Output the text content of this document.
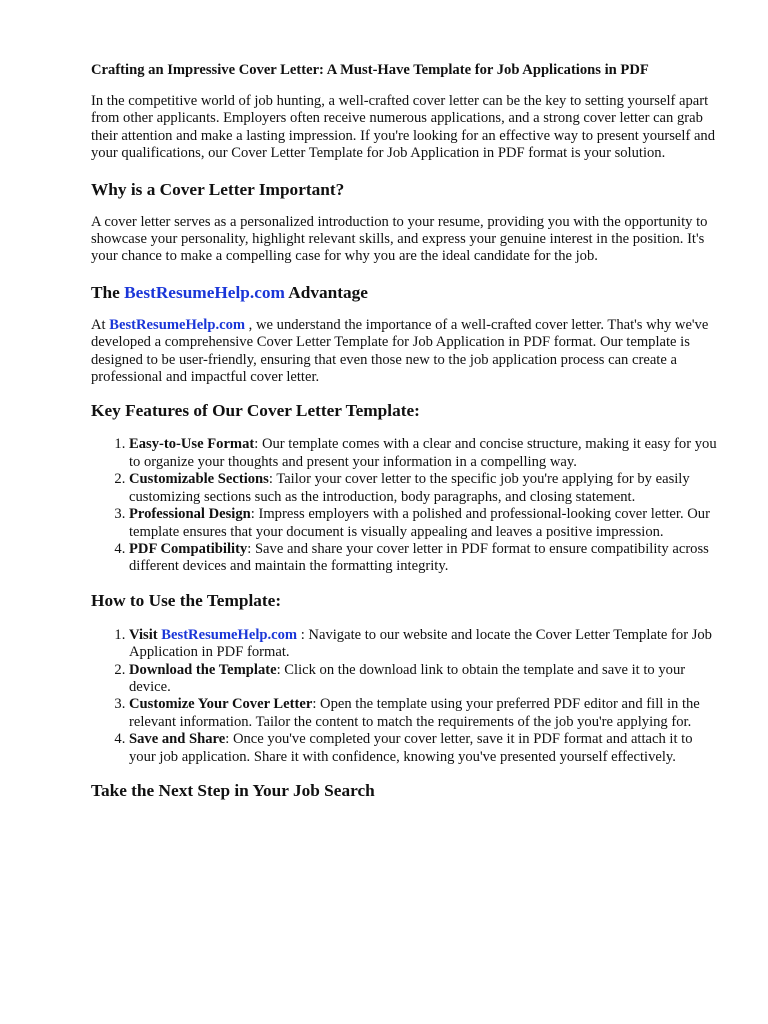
Crafting an Impressive Cover Letter: A Must-Have Template for Job Applications in PDF

In the competitive world of job hunting, a well-crafted cover letter can be the key to setting yourself apart from other applicants. Employers often receive numerous applications, and a strong cover letter can grab their attention and make a lasting impression. If you're looking for an effective way to present yourself and your qualifications, our Cover Letter Template for Job Application in PDF format is your solution.

Why is a Cover Letter Important?

A cover letter serves as a personalized introduction to your resume, providing you with the opportunity to showcase your personality, highlight relevant skills, and express your genuine interest in the position. It's your chance to make a compelling case for why you are the ideal candidate for the job.

The BestResumeHelp.com Advantage

At BestResumeHelp.com , we understand the importance of a well-crafted cover letter. That's why we've developed a comprehensive Cover Letter Template for Job Application in PDF format. Our template is designed to be user-friendly, ensuring that even those new to the job application process can create a professional and impactful cover letter.

Key Features of Our Cover Letter Template:
1. Easy-to-Use Format: Our template comes with a clear and concise structure, making it easy for you to organize your thoughts and present your information in a compelling way.
2. Customizable Sections: Tailor your cover letter to the specific job you're applying for by easily customizing sections such as the introduction, body paragraphs, and closing statement.
3. Professional Design: Impress employers with a polished and professional-looking cover letter. Our template ensures that your document is visually appealing and leaves a positive impression.
4. PDF Compatibility: Save and share your cover letter in PDF format to ensure compatibility across different devices and maintain the formatting integrity.
How to Use the Template:
1. Visit BestResumeHelp.com : Navigate to our website and locate the Cover Letter Template for Job Application in PDF format.
2. Download the Template: Click on the download link to obtain the template and save it to your device.
3. Customize Your Cover Letter: Open the template using your preferred PDF editor and fill in the relevant information. Tailor the content to match the requirements of the job you're applying for.
4. Save and Share: Once you've completed your cover letter, save it in PDF format and attach it to your job application. Share it with confidence, knowing you've presented yourself effectively.
Take the Next Step in Your Job Search
